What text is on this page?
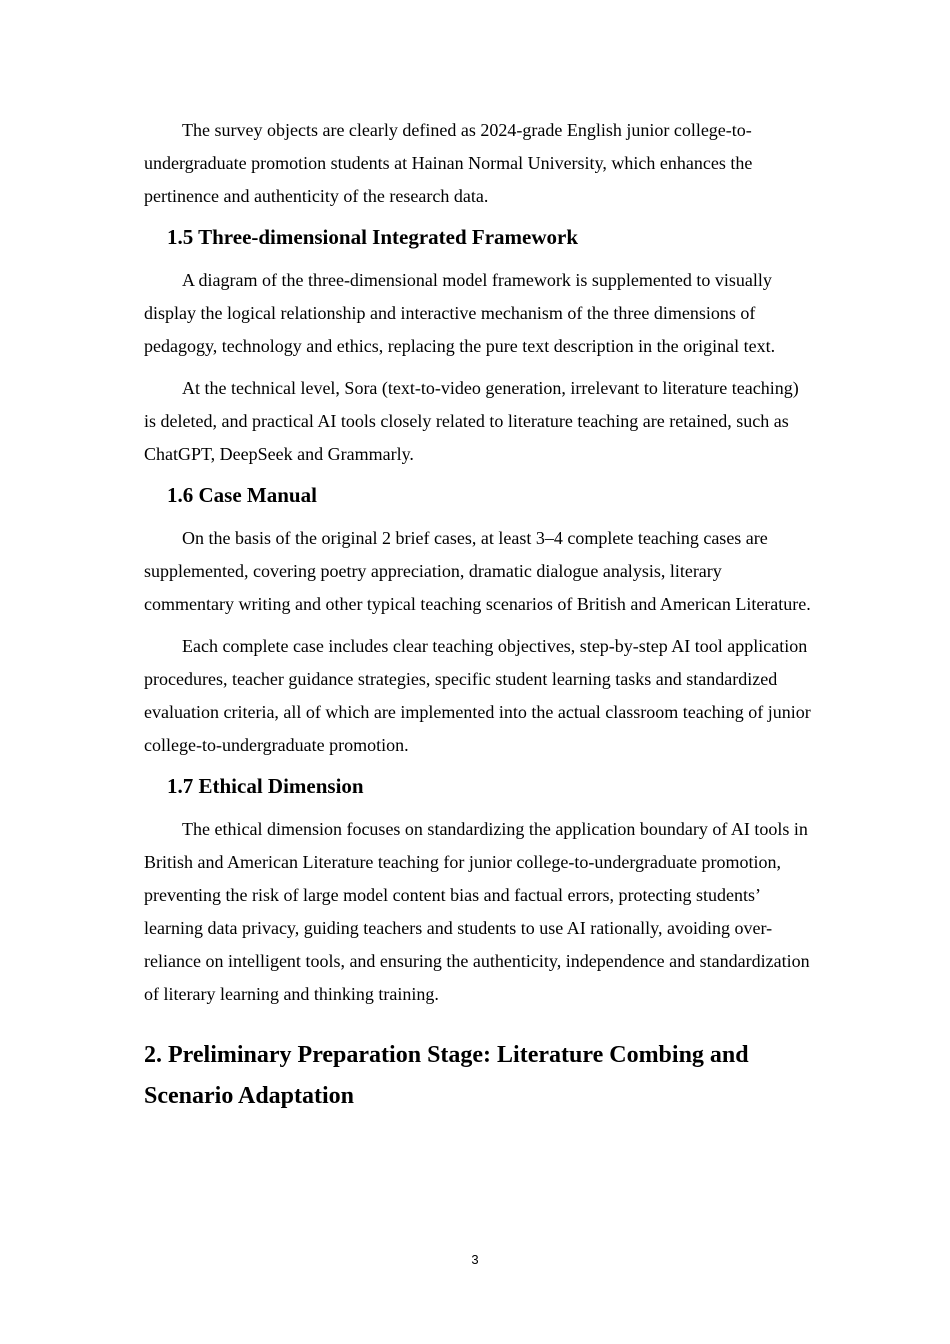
The survey objects are clearly defined as 2024-grade English junior college-to-undergraduate promotion students at Hainan Normal University, which enhances the pertinence and authenticity of the research data.

1.5 Three-dimensional Integrated Framework

A diagram of the three-dimensional model framework is supplemented to visually display the logical relationship and interactive mechanism of the three dimensions of pedagogy, technology and ethics, replacing the pure text description in the original text.

At the technical level, Sora (text-to-video generation, irrelevant to literature teaching) is deleted, and practical AI tools closely related to literature teaching are retained, such as ChatGPT, DeepSeek and Grammarly.

1.6 Case Manual

On the basis of the original 2 brief cases, at least 3–4 complete teaching cases are supplemented, covering poetry appreciation, dramatic dialogue analysis, literary commentary writing and other typical teaching scenarios of British and American Literature.

Each complete case includes clear teaching objectives, step-by-step AI tool application procedures, teacher guidance strategies, specific student learning tasks and standardized evaluation criteria, all of which are implemented into the actual classroom teaching of junior college-to-undergraduate promotion.

1.7 Ethical Dimension

The ethical dimension focuses on standardizing the application boundary of AI tools in British and American Literature teaching for junior college-to-undergraduate promotion, preventing the risk of large model content bias and factual errors, protecting students’ learning data privacy, guiding teachers and students to use AI rationally, avoiding over-reliance on intelligent tools, and ensuring the authenticity, independence and standardization of literary learning and thinking training.

2. Preliminary Preparation Stage: Literature Combing and Scenario Adaptation
3
